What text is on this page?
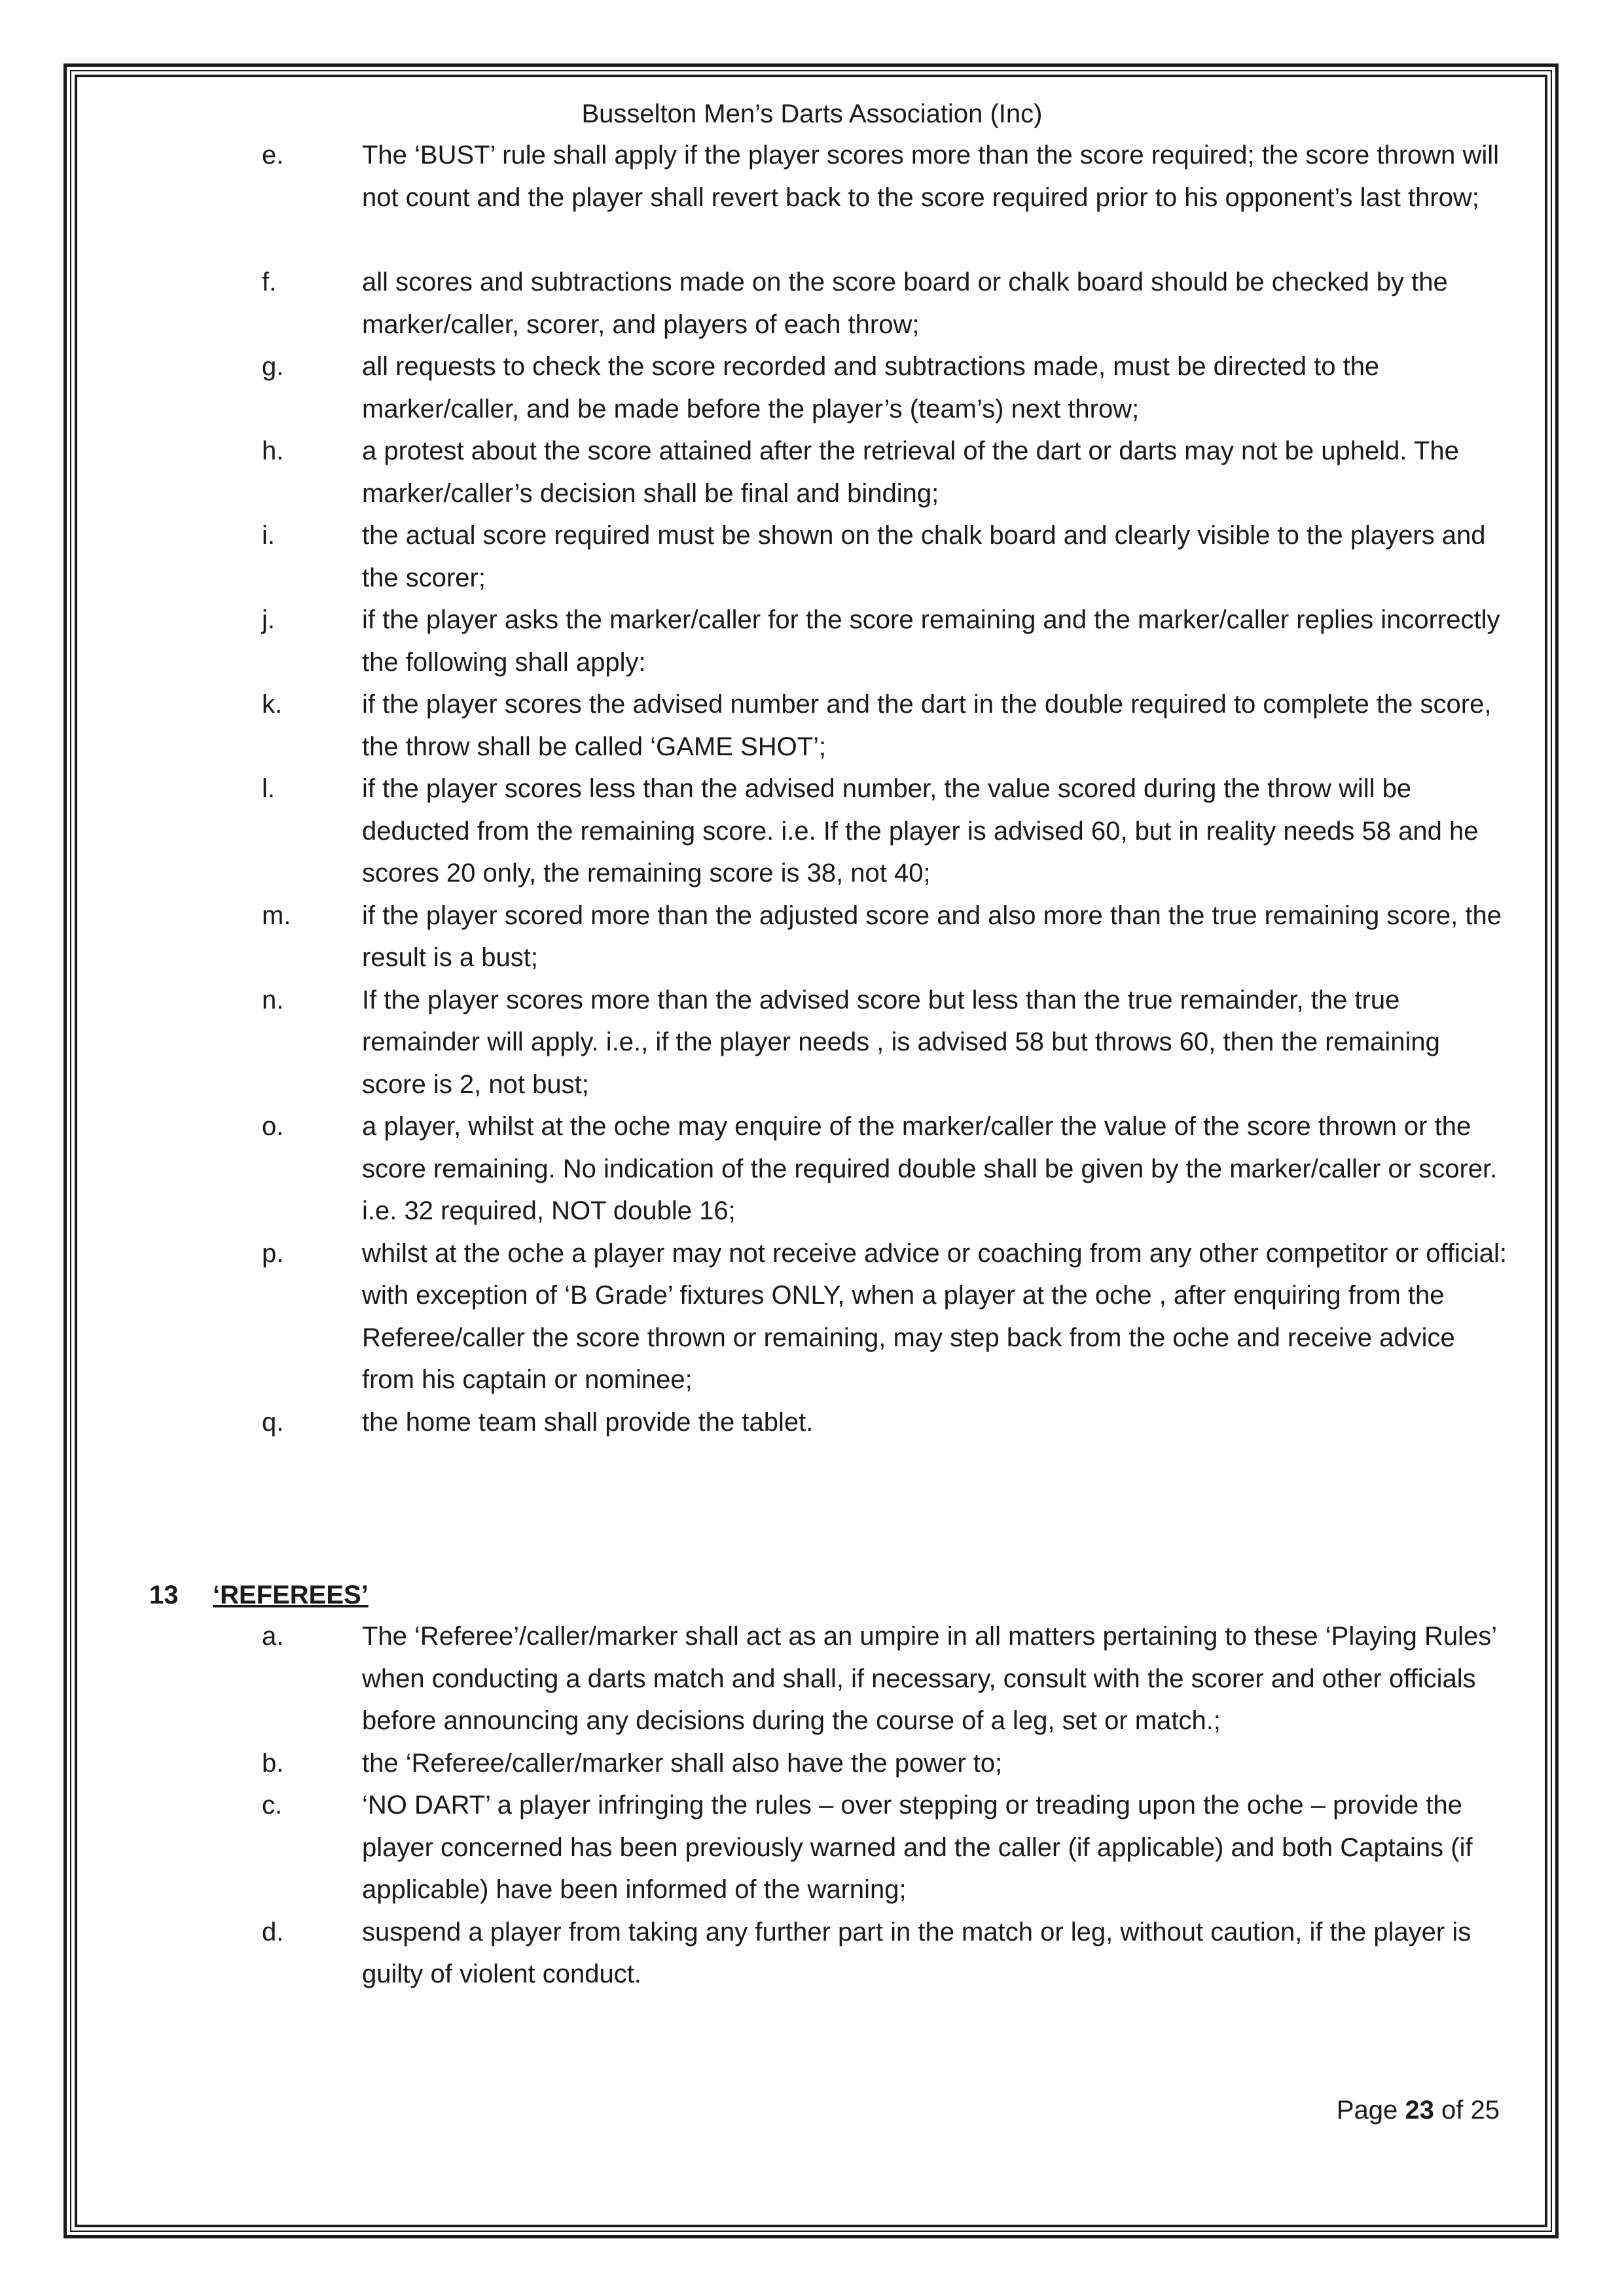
Busselton Men’s Darts Association (Inc)
e.	The ‘BUST’ rule shall apply if the player scores more than the score required; the score thrown will not count and the player shall revert back to the score required prior to his opponent’s last throw;
f.	all scores and subtractions made on the score board or chalk board should be checked by the marker/caller, scorer, and players of each throw;
g.	all requests to check the score recorded and subtractions made, must be directed to the marker/caller, and be made before the player’s (team’s) next throw;
h.	a protest about the score attained after the retrieval of the dart or darts may not be upheld. The marker/caller’s decision shall be final and binding;
i.	the actual score required must be shown on the chalk board and clearly visible to the players and the scorer;
j.	if the player asks the marker/caller for the score remaining and the marker/caller replies incorrectly the following shall apply:
k.	if the player scores the advised number and the dart in the double required to complete the score, the throw shall be called ‘GAME SHOT’;
l.	if the player scores less than the advised number, the value scored during the throw will be deducted from the remaining score. i.e. If the player is advised 60, but in reality needs 58 and he scores 20 only, the remaining score is 38, not 40;
m.	if the player scored more than the adjusted score and also more than the true remaining score, the result is a bust;
n.	If the player scores more than the advised score but less than the true remainder, the true remainder will apply. i.e., if the player needs , is advised 58 but throws 60, then the remaining score is 2, not bust;
o.	a player, whilst at the oche may enquire of the marker/caller the value of the score thrown or the score remaining. No indication of the required double shall be given by the marker/caller or scorer. i.e. 32 required, NOT double 16;
p.	whilst at the oche a player may not receive advice or coaching from any other competitor or official: with exception of ‘B Grade’ fixtures ONLY, when a player at the oche , after enquiring from the Referee/caller the score thrown or remaining, may step back from the oche and receive advice from his captain or nominee;
q.	the home team shall provide the tablet.
13 ‘REFEREES’
a.	The ‘Referee’/caller/marker shall act as an umpire in all matters pertaining to these ‘Playing Rules’ when conducting a darts match and shall, if necessary, consult with the scorer and other officials before announcing any decisions during the course of a leg, set or match.;
b.	the ‘Referee/caller/marker shall also have the power to;
c.	‘NO DART’ a player infringing the rules – over stepping or treading upon the oche – provide the player concerned has been previously warned and the caller (if applicable) and both Captains (if applicable) have been informed of the warning;
d.	suspend a player from taking any further part in the match or leg, without caution, if the player is guilty of violent conduct.
Page 23 of 25
